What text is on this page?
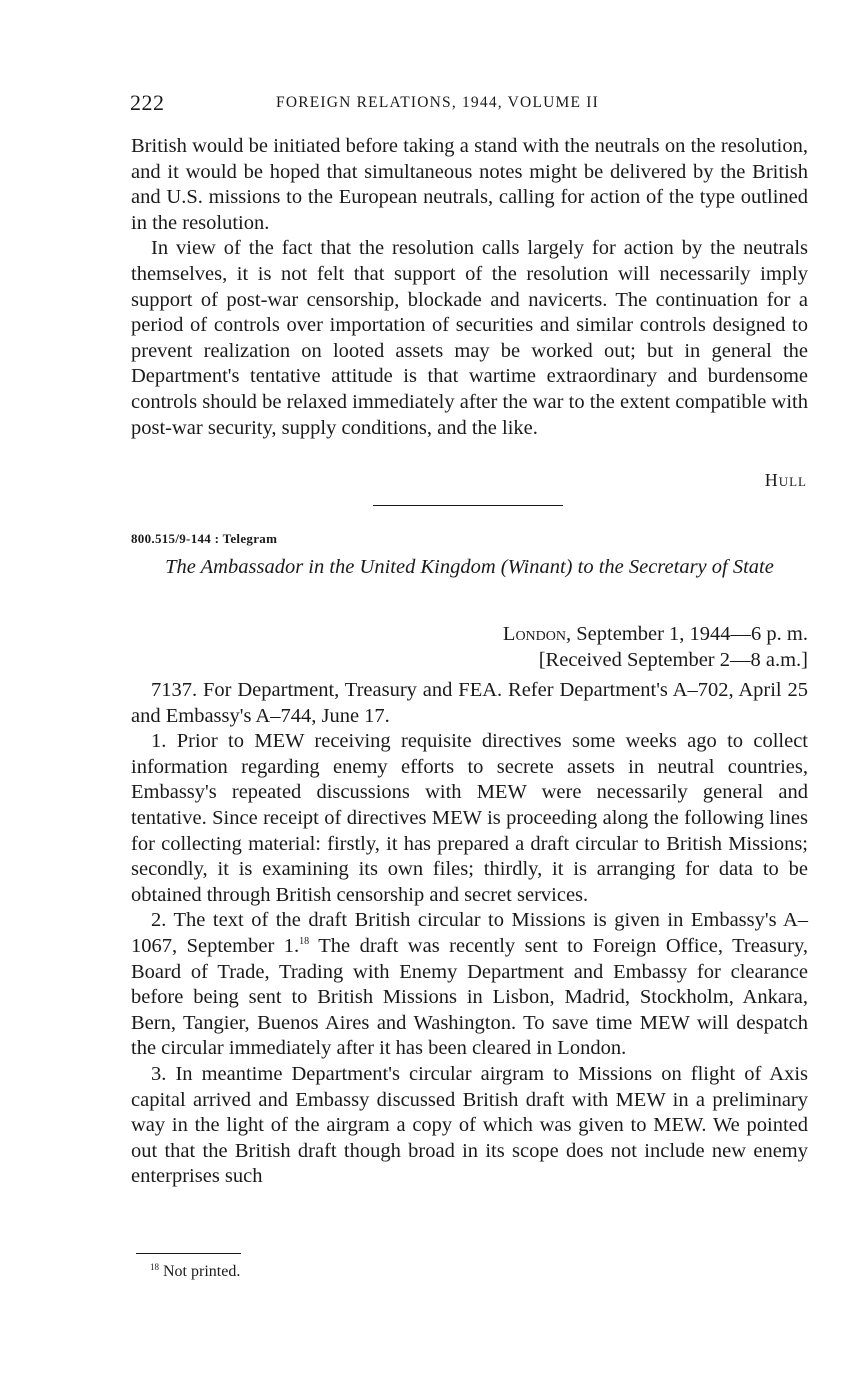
222	FOREIGN RELATIONS, 1944, VOLUME II

British would be initiated before taking a stand with the neutrals on the resolution, and it would be hoped that simultaneous notes might be delivered by the British and U.S. missions to the European neutrals, calling for action of the type outlined in the resolution.

In view of the fact that the resolution calls largely for action by the neutrals themselves, it is not felt that support of the resolution will necessarily imply support of post-war censorship, blockade and navicerts. The continuation for a period of controls over importation of securities and similar controls designed to prevent realization on looted assets may be worked out; but in general the Department's tentative attitude is that wartime extraordinary and burdensome controls should be relaxed immediately after the war to the extent compatible with post-war security, supply conditions, and the like.

Hull
800.515/9-144 : Telegram
The Ambassador in the United Kingdom (Winant) to the Secretary of State
London, September 1, 1944—6 p. m.
[Received September 2—8 a.m.]

7137. For Department, Treasury and FEA. Refer Department's A–702, April 25 and Embassy's A–744, June 17.

1. Prior to MEW receiving requisite directives some weeks ago to collect information regarding enemy efforts to secrete assets in neutral countries, Embassy's repeated discussions with MEW were necessarily general and tentative. Since receipt of directives MEW is proceeding along the following lines for collecting material: firstly, it has prepared a draft circular to British Missions; secondly, it is examining its own files; thirdly, it is arranging for data to be obtained through British censorship and secret services.

2. The text of the draft British circular to Missions is given in Embassy's A–1067, September 1.18 The draft was recently sent to Foreign Office, Treasury, Board of Trade, Trading with Enemy Department and Embassy for clearance before being sent to British Missions in Lisbon, Madrid, Stockholm, Ankara, Bern, Tangier, Buenos Aires and Washington. To save time MEW will despatch the circular immediately after it has been cleared in London.

3. In meantime Department's circular airgram to Missions on flight of Axis capital arrived and Embassy discussed British draft with MEW in a preliminary way in the light of the airgram a copy of which was given to MEW. We pointed out that the British draft though broad in its scope does not include new enemy enterprises such

$^{18}$ Not printed.
